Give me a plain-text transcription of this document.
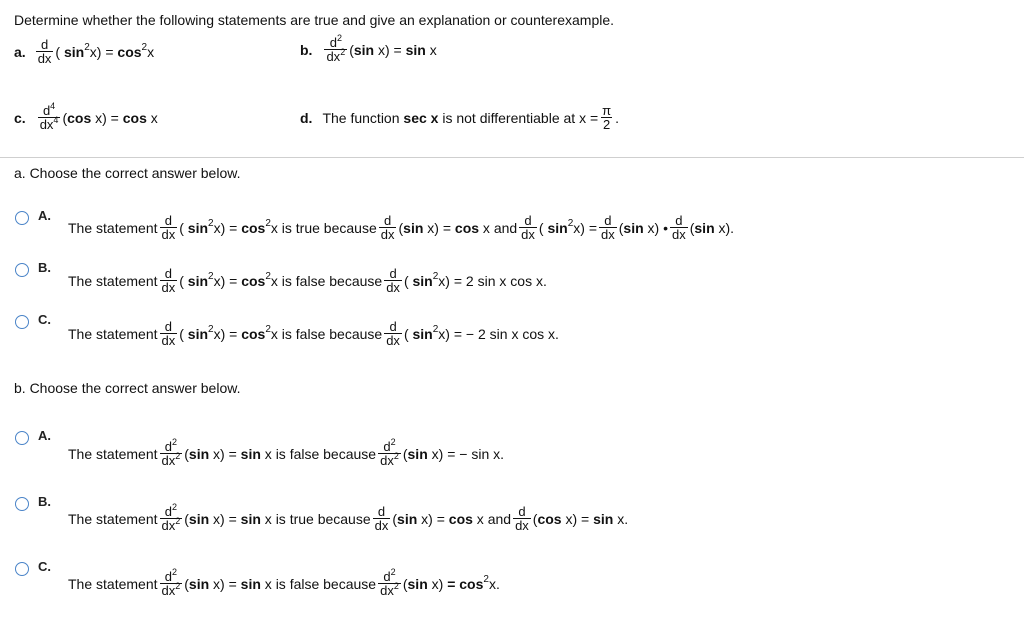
Determine whether the following statements are true and give an explanation or counterexample.
a. $\frac{d}{dx}$ ( $\sin^2x) = \cos^2x$	b. $\frac{d^2}{dx^2} (\sin$ x) = sin x
c. $\frac{d^4}{dx^4} (\cos$ x) = cos x	d. The function
sec x
is not differentiable at $x = \frac{\pi}{2}$ .
a. Choose the correct answer below.
A.
The statement $\frac{d}{dx}$ ( $\sin^2x) = \cos^2x$ is true because $\frac{d}{dx} (\sin$ x) = cos x and $\frac{d}{dx}$ ( $\sin^2x) = \frac{d}{dx} (\sin$ x) • $\frac{d}{dx} (\sin$ x).
B.
The statement $\frac{d}{dx}$ ( $\sin^2x) = \cos^2x$ is false because $\frac{d}{dx}$ ( $\sin^2x) = 2$ sin x cos x.
C.
The statement $\frac{d}{dx}$ ( $\sin^2x) = \cos^2x$ is false because $\frac{d}{dx}$ ( $\sin^2x$) = − 2 sin x cos x.
b. Choose the correct answer below.
A.
The statement $\frac{d^2}{dx^2} (\sin$ x) = sin x is false because $\frac{d^2}{dx^2} (\sin$ x) = − sin x.
B.
The statement $\frac{d^2}{dx^2} (\sin$ x) = sin x is true because $\frac{d}{dx} (\sin$ x) = cos x and $\frac{d}{dx} (\cos$ x) = sin x.
C.
The statement $\frac{d^2}{dx^2} (\sin$ x) = sin x is false because $\frac{d^2}{dx^2} (\sin$ x) = cos $^2$x.
